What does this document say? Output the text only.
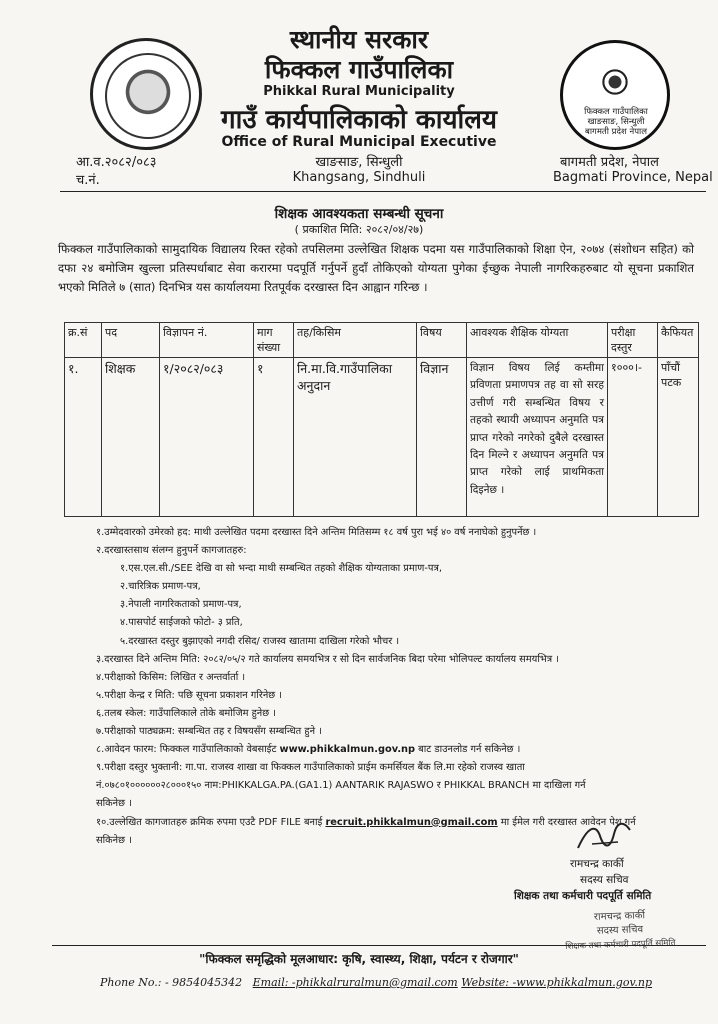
फिक्कल गाउँपालिका
खाङसाङ, सिन्धुली
बागमती प्रदेश नेपाल
स्थानीय सरकार
फिक्कल गाउँपालिका
Phikkal Rural Municipality
गाउँ कार्यपालिकाको कार्यालय
Office of Rural Municipal Executive
खाङसाङ, सिन्धुली
Khangsang, Sindhuli
आ.व.२०८२/०८३
च.नं.
बागमती प्रदेश, नेपाल
Bagmati Province, Nepal
शिक्षक आवश्यकता सम्बन्धी सूचना
( प्रकाशित मिति: २०८२/०४/२७)
फिक्कल गाउँपालिकाको सामुदायिक विद्यालय रिक्त रहेको तपसिलमा उल्लेखित शिक्षक पदमा यस गाउँपालिकाको शिक्षा ऐन, २०७४ (संशोधन सहित) को दफा २४ बमोजिम खुल्ला प्रतिस्पर्धाबाट सेवा करारमा पदपूर्ति गर्नुपर्ने हुदाँ तोकिएको योग्यता पुगेका ईच्छुक नेपाली नागरिकहरुबाट यो सूचना प्रकाशित भएको मितिले ७ (सात) दिनभित्र यस कार्यालयमा रितपूर्वक दरखास्त दिन आह्वान गरिन्छ ।
क्र.सं	पद	विज्ञापन नं.	माग संख्या	तह/किसिम	विषय	आवश्यक शैक्षिक योग्यता	परीक्षा दस्तुर	कैफियत
१.	शिक्षक	१/२०८२/०८३	१	नि.मा.वि.गाउँपालिका अनुदान	विज्ञान	विज्ञान विषय लिई कम्तीमा प्रविणता प्रमाणपत्र तह वा सो सरह उत्तीर्ण गरी सम्बन्धित विषय र तहको स्थायी अध्यापन अनुमति पत्र प्राप्त गरेको नगरेको दुबैले दरखास्त दिन मिल्ने र अध्यापन अनुमति पत्र प्राप्त गरेको लाई प्राथमिकता दिइनेछ ।	१०००।-	पाँचौं पटक
१.उम्मेदवारको उमेरको हद: माथी उल्लेखित पदमा दरखास्त दिने अन्तिम मितिसम्म १८ वर्ष पुरा भई ४० वर्ष ननाघेको हुनुपर्नेछ ।
२.दरखास्तसाथ संलग्न हुनुपर्ने कागजातहरु:
१.एस.एल.सी./SEE देखि वा सो भन्दा माथी सम्बन्धित तहको शैक्षिक योग्यताका प्रमाण-पत्र,
२.चारित्रिक प्रमाण-पत्र,
३.नेपाली नागरिकताको प्रमाण-पत्र,
४.पासपोर्ट साईजको फोटो- ३ प्रति,
५.दरखास्त दस्तुर बुझाएको नगदी रसिद/ राजस्व खातामा दाखिला गरेको भौचर ।
३.दरखास्त दिने अन्तिम मिति: २०८२/०५/२ गते कार्यालय समयभित्र र सो दिन सार्वजनिक बिदा परेमा भोलिपल्ट कार्यालय समयभित्र ।
४.परीक्षाको किसिम: लिखित र अन्तर्वार्ता ।
५.परीक्षा केन्द्र र मिति: पछि सूचना प्रकाशन गरिनेछ ।
६.तलब स्केल: गाउँपालिकाले तोके बमोजिम हुनेछ ।
७.परीक्षाको पाठ्यक्रम: सम्बन्धित तह र विषयसँग सम्बन्धित हुने ।
८.आवेदन फारम: फिक्कल गाउँपालिकाको वेबसाईट www.phikkalmun.gov.np बाट डाउनलोड गर्न सकिनेछ ।
९.परीक्षा दस्तुर भुक्तानी: गा.पा. राजस्व शाखा वा फिक्कल गाउँपालिकाको प्राईम कमर्सियल बैंक लि.मा रहेको राजस्व खाता
नं.०७८०१००००००२८०००१५० नाम:PHIKKALGA.PA.(GA1.1) AANTARIK RAJASWO र PHIKKAL BRANCH मा दाखिला गर्न
सकिनेछ ।
१०.उल्लेखित कागजातहरु क्रमिक रुपमा एउटै PDF FILE बनाई recruit.phikkalmun@gmail.com मा ईमेल गरी दरखास्त आवेदन पेश गर्न
सकिनेछ ।
रामचन्द्र कार्की
सदस्य सचिव
शिक्षक तथा कर्मचारी पदपूर्ति समिति
रामचन्द्र कार्की
सदस्य सचिव
शिक्षक तथा कर्मचारी पदपूर्ति समिति
"फिक्कल समृद्धिको मूलआधार: कृषि, स्वास्थ्य, शिक्षा, पर्यटन र रोजगार"
Phone No.: - 9854045342 Email: -phikkalruralmun@gmail.com Website: -www.phikkalmun.gov.np
